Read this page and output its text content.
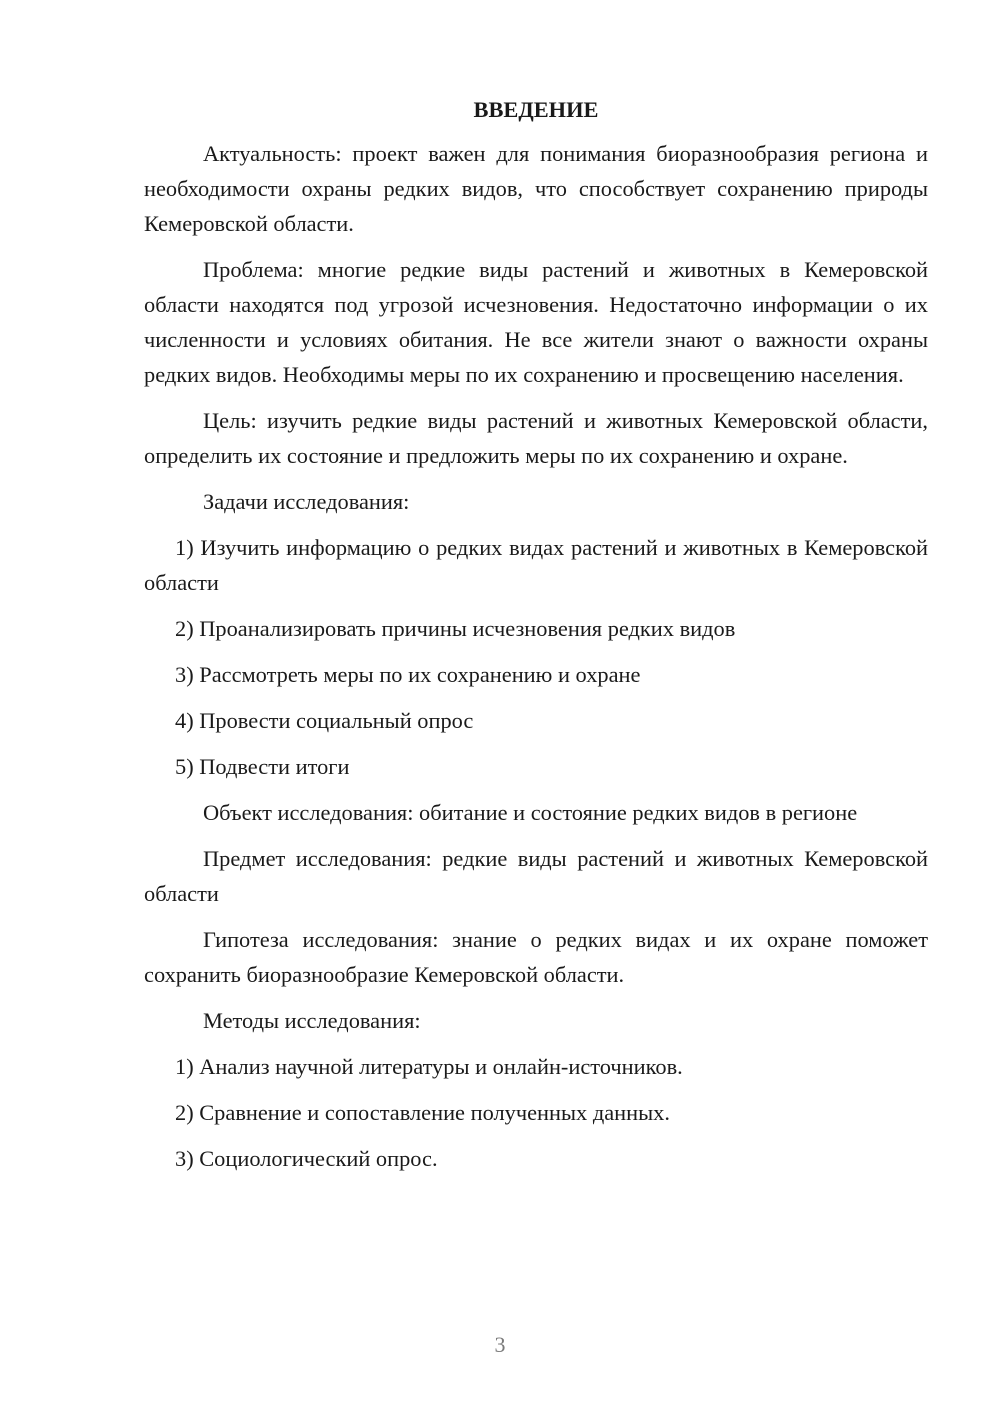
ВВЕДЕНИЕ

Актуальность: проект важен для понимания биоразнообразия региона и необходимости охраны редких видов, что способствует сохранению природы Кемеровской области.

Проблема: многие редкие виды растений и животных в Кемеровской области находятся под угрозой исчезновения. Недостаточно информации о их численности и условиях обитания. Не все жители знают о важности охраны редких видов. Необходимы меры по их сохранению и просвещению населения.

Цель: изучить редкие виды растений и животных Кемеровской области, определить их состояние и предложить меры по их сохранению и охране.

Задачи исследования:

1) Изучить информацию о редких видах растений и животных в Кемеровской области

2) Проанализировать причины исчезновения редких видов

3) Рассмотреть меры по их сохранению и охране

4) Провести социальный опрос

5) Подвести итоги

Объект исследования: обитание и состояние редких видов в регионе

Предмет исследования: редкие виды растений и животных Кемеровской области

Гипотеза исследования: знание о редких видах и их охране поможет сохранить биоразнообразие Кемеровской области.

Методы исследования:

1) Анализ научной литературы и онлайн-источников.

2) Сравнение и сопоставление полученных данных.

3) Социологический опрос.

3
